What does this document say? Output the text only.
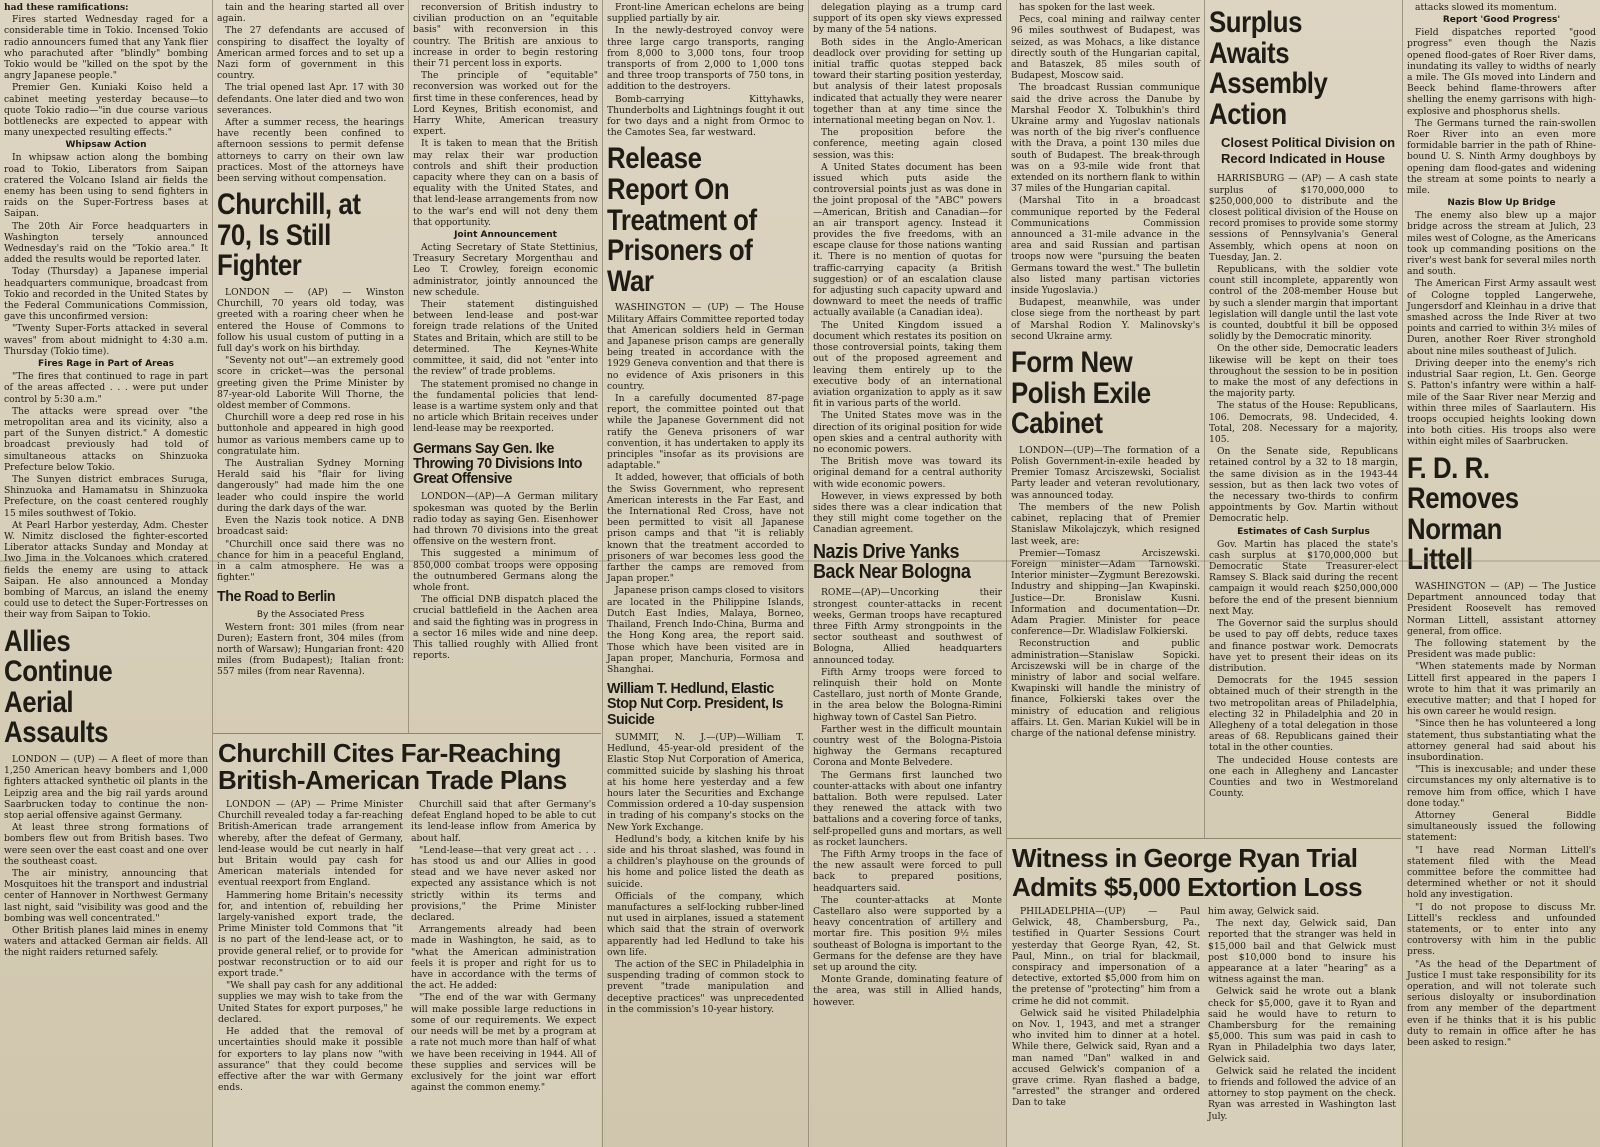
had these ramifications:

Fires started Wednesday raged for a considerable time in Tokio. Incensed Tokio radio announcers fumed that any Yank flier who parachuted after "blindly" bombing Tokio would be "killed on the spot by the angry Japanese people."

Premier Gen. Kuniaki Koiso held a cabinet meeting yesterday because—to quote Tokio radio—"in due course various bottlenecks are expected to appear with many unexpected resulting effects."

Whipsaw Action

In whipsaw action along the bombing road to Tokio, Liberators from Saipan cratered the Volcano Island air fields the enemy has been using to send fighters in raids on the Super-Fortress bases at Saipan.

The 20th Air Force headquarters in Washington tersely announced Wednesday's raid on the "Tokio area." It added the results would be reported later.

Today (Thursday) a Japanese imperial headquarters communique, broadcast from Tokio and recorded in the United States by the Federal Communications Commission, gave this unconfirmed version:

"Twenty Super-Forts attacked in several waves" from about midnight to 4:30 a.m. Thursday (Tokio time).

Fires Rage in Part of Areas

"The fires that continued to rage in part of the areas affected . . . were put under control by 5:30 a.m."

The attacks were spread over "the metropolitan area and its vicinity, also a part of the Sunyen district." A domestic broadcast previously had told of simultaneous attacks on Shinzuoka Prefecture below Tokio.

The Sunyen district embraces Suruga, Shinzuoka and Hamamatsu in Shinzuoka Prefecture, on the coast centered roughly 15 miles southwest of Tokio.

At Pearl Harbor yesterday, Adm. Chester W. Nimitz disclosed the fighter-escorted Liberator attacks Sunday and Monday at Iwo Jima in the Volcanoes which cratered fields the enemy are using to attack Saipan. He also announced a Monday bombing of Marcus, an island the enemy could use to detect the Super-Fortresses on their way from Saipan to Tokio.

Allies Continue Aerial Assaults

LONDON — (UP) — A fleet of more than 1,250 American heavy bombers and 1,000 fighters attacked synthetic oil plants in the Leipzig area and the big rail yards around Saarbrucken today to continue the non-stop aerial offensive against Germany.

At least three strong formations of bombers flew out from British bases. Two were seen over the east coast and one over the southeast coast.

The air ministry, announcing that Mosquitoes hit the transport and industrial center of Hannover in Northwest Germany last night, said "visibility was good and the bombing was well concentrated."

Other British planes laid mines in enemy waters and attacked German air fields. All the night raiders returned safely.

tain and the hearing started all over again.

The 27 defendants are accused of conspiring to disaffect the loyalty of American armed forces and to set up a Nazi form of government in this country.

The trial opened last Apr. 17 with 30 defendants. One later died and two won severances.

After a summer recess, the hearings have recently been confined to afternoon sessions to permit defense attorneys to carry on their own law practices. Most of the attorneys have been serving without compensation.

Churchill, at 70, Is Still Fighter

LONDON — (AP) — Winston Churchill, 70 years old today, was greeted with a roaring cheer when he entered the House of Commons to follow his usual custom of putting in a full day's work on his birthday.

"Seventy not out"—an extremely good score in cricket—was the personal greeting given the Prime Minister by 87-year-old Laborite Will Thorne, the oldest member of Commons.

Churchill wore a deep red rose in his buttonhole and appeared in high good humor as various members came up to congratulate him.

The Australian Sydney Morning Herald said his "flair for living dangerously" had made him the one leader who could inspire the world during the dark days of the war.

Even the Nazis took notice. A DNB broadcast said:

"Churchill once said there was no chance for him in a peaceful England, in a calm atmosphere. He was a fighter."

The Road to Berlin
By the Associated Press

Western front: 301 miles (from near Duren); Eastern front, 304 miles (from north of Warsaw); Hungarian front: 420 miles (from Budapest); Italian front: 557 miles (from near Ravenna).

reconversion of British industry to civilian production on an "equitable basis" with reconversion in this country. The British are anxious to increase in order to begin restoring their 71 percent loss in exports.

The principle of "equitable" reconversion was worked out for the first time in these conferences, head by Lord Keynes, British economist, and Harry White, American treasury expert.

It is taken to mean that the British may relax their war production controls and shift their production capacity where they can on a basis of equality with the United States, and that lend-lease arrangements from now to the war's end will not deny them that opportunity.

Joint Announcement

Acting Secretary of State Stettinius, Treasury Secretary Morgenthau and Leo T. Crowley, foreign economic administrator, jointly announced the new schedule.

Their statement distinguished between lend-lease and post-war foreign trade relations of the United States and Britain, which are still to be determined. The Keynes-White committee, it said, did not "enter into the review" of trade problems.

The statement promised no change in the fundamental policies that lend-lease is a wartime system only and that no article which Britain receives under lend-lease may be reexported.

Germans Say Gen. Ike Throwing 70 Divisions Into Great Offensive

LONDON—(AP)—A German military spokesman was quoted by the Berlin radio today as saying Gen. Eisenhower had thrown 70 divisions into the great offensive on the western front.

This suggested a minimum of 850,000 combat troops were opposing the outnumbered Germans along the whole front.

The official DNB dispatch placed the crucial battlefield in the Aachen area and said the fighting was in progress in a sector 16 miles wide and nine deep. This tallied roughly with Allied front reports.

Front-line American echelons are being supplied partially by air.

In the newly-destroyed convoy were three large cargo transports, ranging from 8,000 to 3,000 tons, four troop transports of from 2,000 to 1,000 tons and three troop transports of 750 tons, in addition to the destroyers.

Bomb-carrying Kittyhawks, Thunderbolts and Lightnings fought it out for two days and a night from Ormoc to the Camotes Sea, far westward.

Release Report On Treatment of Prisoners of War

WASHINGTON — (UP) — The House Military Affairs Committee reported today that American soldiers held in German and Japanese prison camps are generally being treated in accordance with the 1929 Geneva convention and that there is no evidence of Axis prisoners in this country.

In a carefully documented 87-page report, the committee pointed out that while the Japanese Government did not ratify the Geneva prisoners of war convention, it has undertaken to apply its principles "insofar as its provisions are adaptable."

It added, however, that officials of both the Swiss Government, who represent American interests in the Far East, and the International Red Cross, have not been permitted to visit all Japanese prison camps and that "it is reliably known that the treatment accorded to prisoners of war becomes less good the farther the camps are removed from Japan proper."

Japanese prison camps closed to visitors are located in the Philippine Islands, Dutch East Indies, Malaya, Borneo, Thailand, French Indo-China, Burma and the Hong Kong area, the report said. Those which have been visited are in Japan proper, Manchuria, Formosa and Shanghai.

William T. Hedlund, Elastic Stop Nut Corp. President, Is Suicide

SUMMIT, N. J.—(UP)—William T. Hedlund, 45-year-old president of the Elastic Stop Nut Corporation of America, committed suicide by slashing his throat at his home here yesterday and a few hours later the Securities and Exchange Commission ordered a 10-day suspension in trading of his company's stocks on the New York Exchange.

Hedlund's body, a kitchen knife by his side and his throat slashed, was found in a children's playhouse on the grounds of his home and police listed the death as suicide.

Officials of the company, which manufactures a self-locking rubber-lined nut used in airplanes, issued a statement which said that the strain of overwork apparently had led Hedlund to take his own life.

The action of the SEC in Philadelphia in suspending trading of common stock to prevent "trade manipulation and deceptive practices" was unprecedented in the commission's 10-year history.

delegation playing as a trump card support of its open sky views expressed by many of the 54 nations.

Both sides in the Anglo-American deadlock over providing for setting up initial traffic quotas stepped back toward their starting position yesterday, but analysis of their latest proposals indicated that actually they were nearer together than at any time since the international meeting began on Nov. 1.

The proposition before the conference, meeting again closed session, was this:

A United States document has been issued which puts aside the controversial points just as was done in the joint proposal of the "ABC" powers—American, British and Canadian—for an air transport agency. Instead it provides the five freedoms, with an escape clause for those nations wanting it. There is no mention of quotas for traffic-carrying capacity (a British suggestion) or of an escalation clause for adjusting such capacity upward and downward to meet the needs of traffic actually available (a Canadian idea).

The United Kingdom issued a document which restates its position on those controversial points, taking them out of the proposed agreement and leaving them entirely up to the executive body of an international aviation organization to apply as it saw fit in various parts of the world.

The United States move was in the direction of its original position for wide open skies and a central authority with no economic powers.

The British move was toward its original demand for a central authority with wide economic powers.

However, in views expressed by both sides there was a clear indication that they still might come together on the Canadian agreement.

Nazis Drive Yanks Back Near Bologna

ROME—(AP)—Uncorking their strongest counter-attacks in recent weeks, German troops have recaptured three Fifth Army strongpoints in the sector southeast and southwest of Bologna, Allied headquarters announced today.

Fifth Army troops were forced to relinquish their hold on Monte Castellaro, just north of Monte Grande, in the area below the Bologna-Rimini highway town of Castel San Pietro.

Farther west in the difficult mountain country west of the Bologna-Pistoia highway the Germans recaptured Corona and Monte Belvedere.

The Germans first launched two counter-attacks with about one infantry battalion. Both were repulsed. Later they renewed the attack with two battalions and a covering force of tanks, self-propelled guns and mortars, as well as rocket launchers.

The Fifth Army troops in the face of the new assault were forced to pull back to prepared positions, headquarters said.

The counter-attacks at Monte Castellaro also were supported by a heavy concentration of artillery and mortar fire. This position 9½ miles southeast of Bologna is important to the Germans for the defense are they have set up around the city.

Monte Grande, dominating feature of the area, was still in Allied hands, however.

has spoken for the last week.

Pecs, coal mining and railway center 96 miles southwest of Budapest, was seized, as was Mohacs, a like distance directly south of the Hungarian capital, and Bataszek, 85 miles south of Budapest, Moscow said.

The broadcast Russian communique said the drive across the Danube by Marshal Feodor X. Tolbukhin's third Ukraine army and Yugoslav nationals was north of the big river's confluence with the Drava, a point 130 miles due south of Budapest. The break-through was on a 93-mile wide front that extended on its northern flank to within 37 miles of the Hungarian capital.

(Marshal Tito in a broadcast communique reported by the Federal Communications Commission announced a 31-mile advance in the area and said Russian and partisan troops now were "pursuing the beaten Germans toward the west." The bulletin also listed many partisan victories inside Yugoslavia.)

Budapest, meanwhile, was under close siege from the northeast by part of Marshal Rodion Y. Malinovsky's second Ukraine army.

Form New Polish Exile Cabinet

LONDON—(UP)—The formation of a Polish Government-in-exile headed by Premier Tomasz Arciszewski, Socialist Party leader and veteran revolutionary, was announced today.

The members of the new Polish cabinet, replacing that of Premier Stanislaw Mikolajczyk, which resigned last week, are:

Premier—Tomasz Arciszewski. Foreign minister—Adam Tarnowski. Interior minister—Zygmunt Berezowski. Industry and shipping—Jan Kwapinski. Justice—Dr. Bronislaw Kusni. Information and documentation—Dr. Adam Pragier. Minister for peace conference—Dr. Wladislaw Folkierski.

Reconstruction and public administration—Stanislaw Sopicki. Arciszewski will be in charge of the ministry of labor and social welfare. Kwapinski will handle the ministry of finance, Folkierski takes over the ministry of education and religious affairs. Lt. Gen. Marian Kukiel will be in charge of the national defense ministry.

Surplus Awaits Assembly Action
Closest Political Division on Record Indicated in House

HARRISBURG — (AP) — A cash state surplus of $170,000,000 to $250,000,000 to distribute and the closest political division of the House on record promises to provide some stormy sessions of Pennsylvania's General Assembly, which opens at noon on Tuesday, Jan. 2.

Republicans, with the soldier vote count still incomplete, apparently won control of the 208-member House but by such a slender margin that important legislation will dangle until the last vote is counted, doubtful it bill be opposed solidly by the Democratic minority.

On the other side, Democratic leaders likewise will be kept on their toes throughout the session to be in position to make the most of any defections in the majority party.

The status of the House: Republicans, 106. Democrats, 98. Undecided, 4. Total, 208. Necessary for a majority, 105.

On the Senate side, Republicans retained control by a 32 to 18 margin, the same division as in the 1943-44 session, but as then lack two votes of the necessary two-thirds to confirm appointments by Gov. Martin without Democratic help.

Estimates of Cash Surplus

Gov. Martin has placed the state's cash surplus at $170,000,000 but Democratic State Treasurer-elect Ramsey S. Black said during the recent campaign it would reach $250,000,000 before the end of the present biennium next May.

The Governor said the surplus should be used to pay off debts, reduce taxes and finance postwar work. Democrats have yet to present their ideas on its distribution.

Democrats for the 1945 session obtained much of their strength in the two metropolitan areas of Philadelphia, electing 32 in Philadelphia and 20 in Allegheny of a total delegation in those areas of 68. Republicans gained their total in the other counties.

The undecided House contests are one each in Allegheny and Lancaster Counties and two in Westmoreland County.

attacks slowed its momentum.

Report 'Good Progress'

Field dispatches reported "good progress" even though the Nazis opened flood-gates of Roer River dams, inundating its valley to widths of nearly a mile. The GIs moved into Lindern and Beeck behind flame-throwers after shelling the enemy garrisons with high-explosive and phosphorus shells.

The Germans turned the rain-swollen Roer River into an even more formidable barrier in the path of Rhine-bound U. S. Ninth Army doughboys by opening dam flood-gates and widening the stream at some points to nearly a mile.

Nazis Blow Up Bridge

The enemy also blew up a major bridge across the stream at Julich, 23 miles west of Cologne, as the Americans took up commanding positions on the river's west bank for several miles north and south.

The American First Army assault west of Cologne toppled Langerwehe, Jungersdorf and Kleinhau in a drive that smashed across the Inde River at two points and carried to within 3½ miles of Duren, another Roer River stronghold about nine miles southeast of Julich.

Driving deeper into the enemy's rich industrial Saar region, Lt. Gen. George S. Patton's infantry were within a half-mile of the Saar River near Merzig and within three miles of Saarlautern. His troops occupied heights looking down into both cities. His troops also were within eight miles of Saarbrucken.

F. D. R. Removes Norman Littell

WASHINGTON — (AP) — The Justice Department announced today that President Roosevelt has removed Norman Littell, assistant attorney general, from office.

The following statement by the President was made public:

"When statements made by Norman Littell first appeared in the papers I wrote to him that it was primarily an executive matter; and that I hoped for his own career he would resign.

"Since then he has volunteered a long statement, thus substantiating what the attorney general had said about his insubordination.

"This is inexcusable; and under these circumstances my only alternative is to remove him from office, which I have done today."

Attorney General Biddle simultaneously issued the following statement:

"I have read Norman Littell's statement filed with the Mead committee before the committee had determined whether or not it should hold any investigation.

"I do not propose to discuss Mr. Littell's reckless and unfounded statements, or to enter into any controversy with him in the public press.

"As the head of the Department of Justice I must take responsibility for its operation, and will not tolerate such serious disloyalty or insubordination from any member of the department even if he thinks that it is his public duty to remain in office after he has been asked to resign."

Churchill Cites Far-Reaching British-American Trade Plans

LONDON — (AP) — Prime Minister Churchill revealed today a far-reaching British-American trade arrangement whereby, after the defeat of Germany, lend-lease would be cut nearly in half but Britain would pay cash for American materials intended for eventual reexport from England.

Hammering home Britain's necessity for, and intention of, rebuilding her largely-vanished export trade, the Prime Minister told Commons that "it is no part of the lend-lease act, or to provide general relief, or to provide for postwar reconstruction or to aid our export trade."

"We shall pay cash for any additional supplies we may wish to take from the United States for export purposes," he declared.

He added that the removal of uncertainties should make it possible for exporters to lay plans now "with assurance" that they could become effective after the war with Germany ends.

Churchill said that after Germany's defeat England hoped to be able to cut its lend-lease inflow from America by about half.

"Lend-lease—that very great act . . . has stood us and our Allies in good stead and we have never asked nor expected any assistance which is not strictly within its terms and provisions," the Prime Minister declared.

Arrangements already had been made in Washington, he said, as to "what the American administration feels it is proper and right for us to have in accordance with the terms of the act. He added:

"The end of the war with Germany will make possible large reductions in some of our requirements. We expect our needs will be met by a program at a rate not much more than half of what we have been receiving in 1944. All of these supplies and services will be exclusively for the joint war effort against the common enemy."

Witness in George Ryan Trial
Admits $5,000 Extortion Loss

PHILADELPHIA—(UP) — Paul Gelwick, 48, Chambersburg, Pa., testified in Quarter Sessions Court yesterday that George Ryan, 42, St. Paul, Minn., on trial for blackmail, conspiracy and impersonation of a detective, extorted $5,000 from him on the pretense of "protecting" him from a crime he did not commit.

Gelwick said he visited Philadelphia on Nov. 1, 1943, and met a stranger who invited him to dinner at a hotel. While there, Gelwick said, Ryan and a man named "Dan" walked in and accused Gelwick's companion of a grave crime. Ryan flashed a badge, "arrested" the stranger and ordered Dan to take

him away, Gelwick said.

The next day, Gelwick said, Dan reported that the stranger was held in $15,000 bail and that Gelwick must post $10,000 bond to insure his appearance at a later "hearing" as a witness against the man.

Gelwick said he wrote out a blank check for $5,000, gave it to Ryan and said he would have to return to Chambersburg for the remaining $5,000. This sum was paid in cash to Ryan in Philadelphia two days later, Gelwick said.

Gelwick said he related the incident to friends and followed the advice of an attorney to stop payment on the check. Ryan was arrested in Washington last July.
